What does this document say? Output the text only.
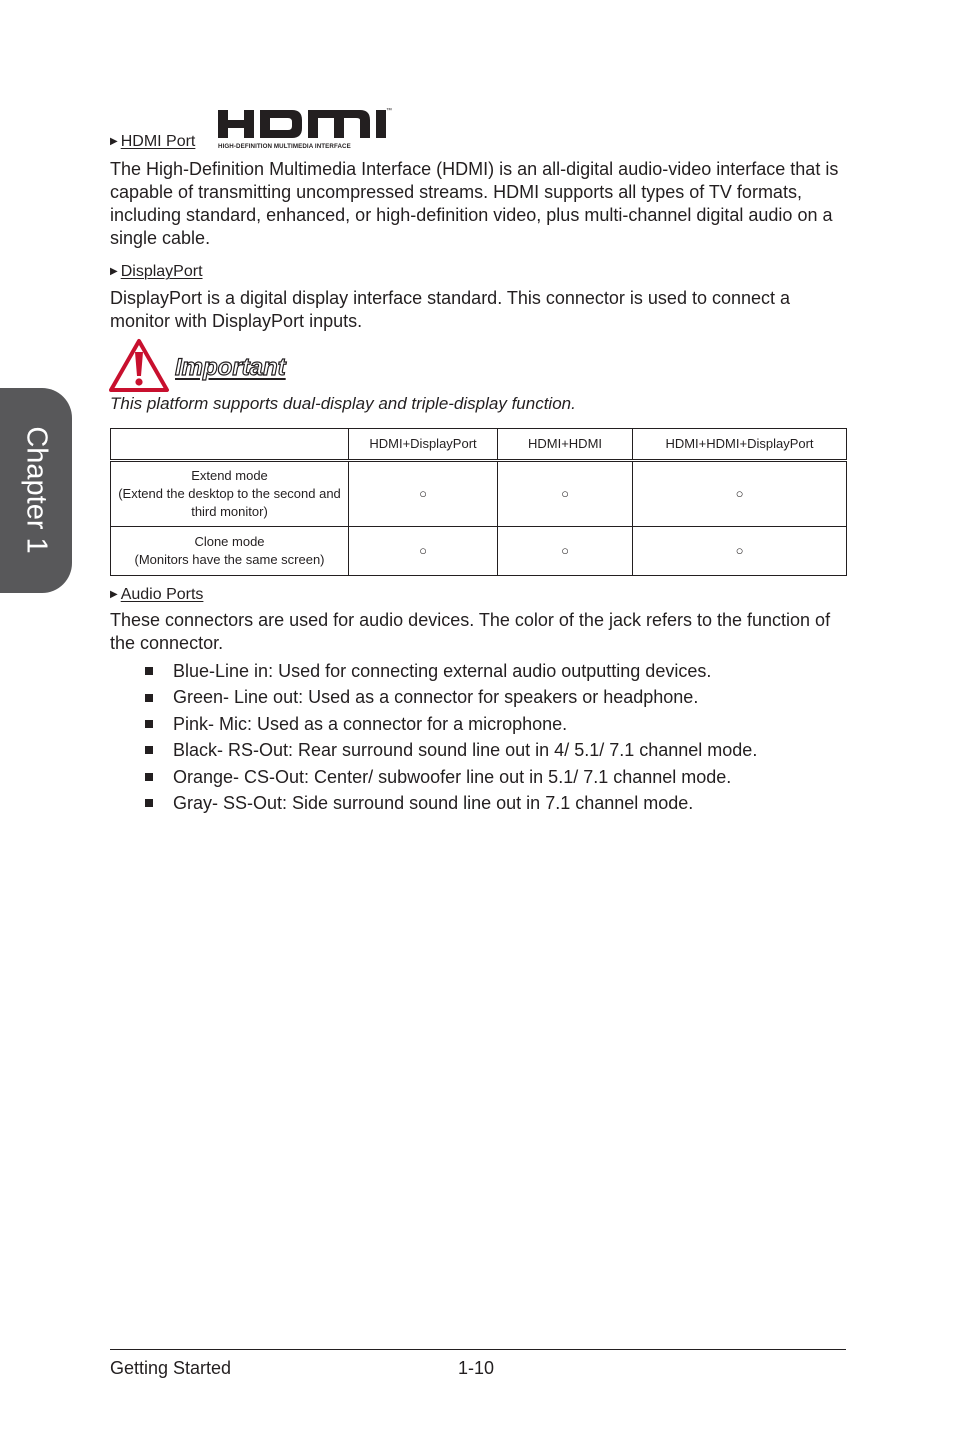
Chapter 1
▶ HDMI Port
™
HIGH-DEFINITION MULTIMEDIA INTERFACE

The High-Definition Multimedia Interface (HDMI) is an all-digital audio-video interface that is capable of transmitting uncompressed streams. HDMI supports all types of TV formats, including standard, enhanced, or high-definition video, plus multi-channel digital audio on a single cable.

▶ DisplayPort

DisplayPort is a digital display interface standard. This connector is used to connect a monitor with DisplayPort inputs.

Important
This platform supports dual-display and triple-display function.
	HDMI+DisplayPort	HDMI+HDMI	HDMI+HDMI+DisplayPort

Extend mode
(Extend the desktop to the second and third monitor)	○	○	○

Clone mode
(Monitors have the same screen)	○	○	○
▶ Audio Ports

These connectors are used for audio devices. The color of the jack refers to the function of the connector.

Blue-Line in: Used for connecting external audio outputting devices.
Green- Line out: Used as a connector for speakers or headphone.
Pink- Mic: Used as a connector for a microphone.
Black- RS-Out: Rear surround sound line out in 4/ 5.1/ 7.1 channel mode.
Orange- CS-Out: Center/ subwoofer line out in 5.1/ 7.1 channel mode.
Gray- SS-Out: Side surround sound line out in 7.1 channel mode.
Getting Started	1-10
